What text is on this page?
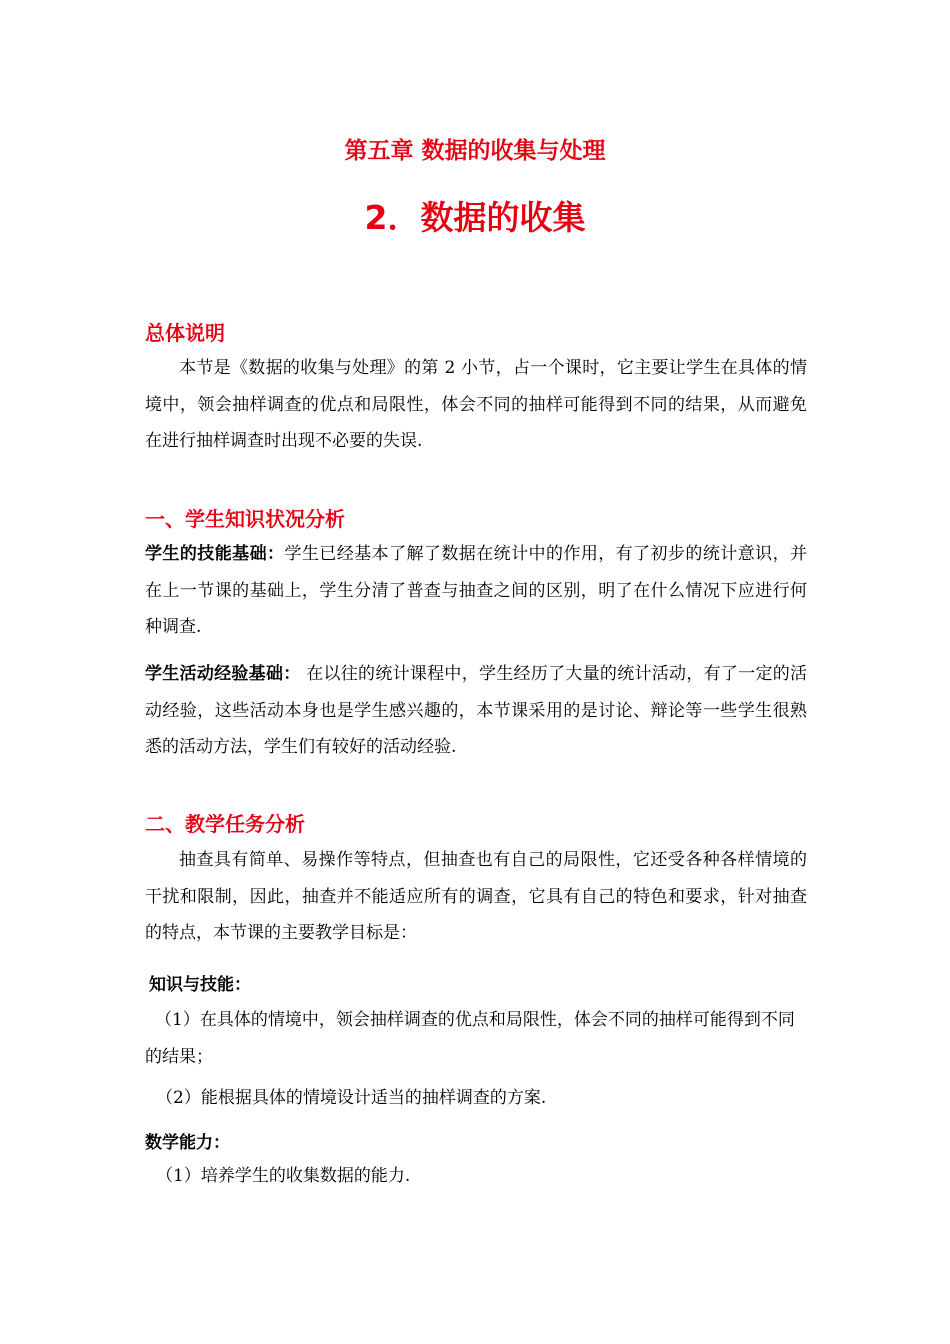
第五章 数据的收集与处理
2．数据的收集
总体说明
本节是《数据的收集与处理》的第 2 小节，占一个课时，它主要让学生在具体的情境中，领会抽样调查的优点和局限性，体会不同的抽样可能得到不同的结果，从而避免在进行抽样调查时出现不必要的失误.
一、学生知识状况分析
学生的技能基础：学生已经基本了解了数据在统计中的作用，有了初步的统计意识，并在上一节课的基础上，学生分清了普查与抽查之间的区别，明了在什么情况下应进行何种调查.
学生活动经验基础： 在以往的统计课程中，学生经历了大量的统计活动，有了一定的活动经验，这些活动本身也是学生感兴趣的，本节课采用的是讨论、辩论等一些学生很熟悉的活动方法，学生们有较好的活动经验.
二、教学任务分析
抽查具有简单、易操作等特点，但抽查也有自己的局限性，它还受各种各样情境的干扰和限制，因此，抽查并不能适应所有的调查，它具有自己的特色和要求，针对抽查的特点，本节课的主要教学目标是：
知识与技能：
（1）在具体的情境中，领会抽样调查的优点和局限性，体会不同的抽样可能得到不同的结果；
（2）能根据具体的情境设计适当的抽样调查的方案.
数学能力：
（1）培养学生的收集数据的能力.
